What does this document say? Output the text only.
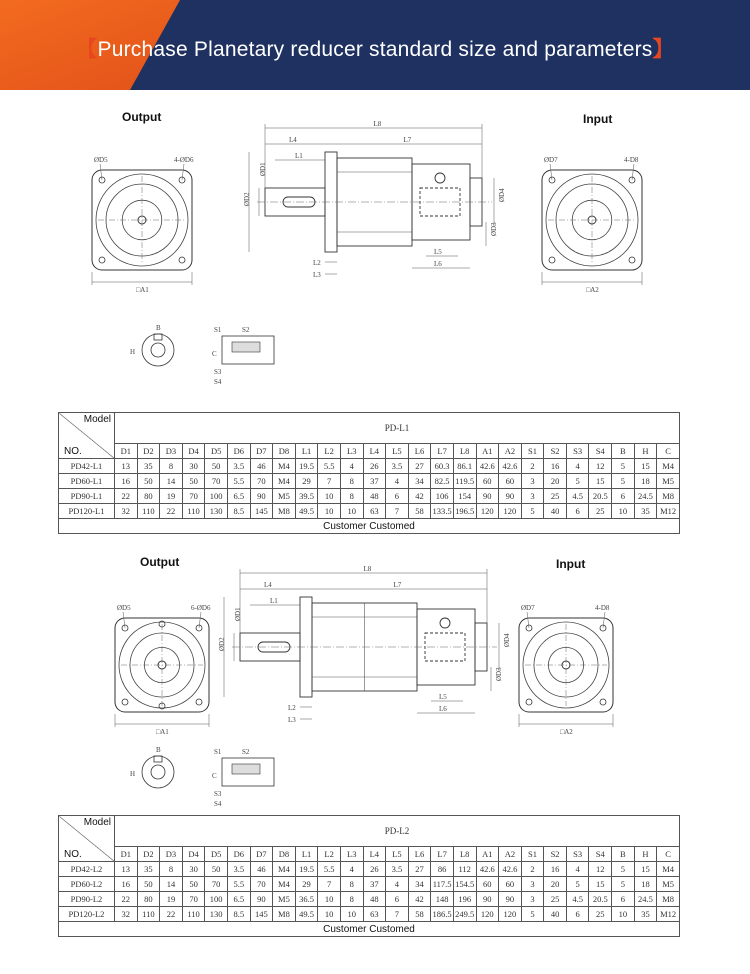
【Purchase Planetary reducer standard size and parameters】
Output	Input
ØD5	4-ØD6
□A1
ØD7	4-D8
□A2
L8
L4	L7
L1
L2
L3
L5
L6
ØD2
ØD1
ØD4
ØD3
B
H
S1	S2
C
S3
S4
Model
NO.	PD-L1																								
	D1	D2	D3	D4	D5	D6	D7	D8	L1	L2	L3	L4	L5	L6	L7	L8	A1	A2	S1	S2	S3	S4	B	H	C
PD42-L1	13	35	8	30	50	3.5	46	M4	19.5	5.5	4	26	3.5	27	60.3	86.1	42.6	42.6	2	16	4	12	5	15	M4
PD60-L1	16	50	14	50	70	5.5	70	M4	29	7	8	37	4	34	82.5	119.5	60	60	3	20	5	15	5	18	M5
PD90-L1	22	80	19	70	100	6.5	90	M5	39.5	10	8	48	6	42	106	154	90	90	3	25	4.5	20.5	6	24.5	M8
PD120-L1	32	110	22	110	130	8.5	145	M8	49.5	10	10	63	7	58	133.5	196.5	120	120	5	40	6	25	10	35	M12
Customer Customed																									
Output	Input
ØD5	6-ØD6
□A1
ØD7	4-D8
□A2
L8
L4	L7
L1
L2
L3
L5
L6
ØD2
ØD1
ØD4
ØD3
B
H
S1	S2
C
S3
S4
Model
NO.	PD-L2																								
	D1	D2	D3	D4	D5	D6	D7	D8	L1	L2	L3	L4	L5	L6	L7	L8	A1	A2	S1	S2	S3	S4	B	H	C
PD42-L2	13	35	8	30	50	3.5	46	M4	19.5	5.5	4	26	3.5	27	86	112	42.6	42.6	2	16	4	12	5	15	M4
PD60-L2	16	50	14	50	70	5.5	70	M4	29	7	8	37	4	34	117.5	154.5	60	60	3	20	5	15	5	18	M5
PD90-L2	22	80	19	70	100	6.5	90	M5	36.5	10	8	48	6	42	148	196	90	90	3	25	4.5	20.5	6	24.5	M8
PD120-L2	32	110	22	110	130	8.5	145	M8	49.5	10	10	63	7	58	186.5	249.5	120	120	5	40	6	25	10	35	M12
Customer Customed																									
